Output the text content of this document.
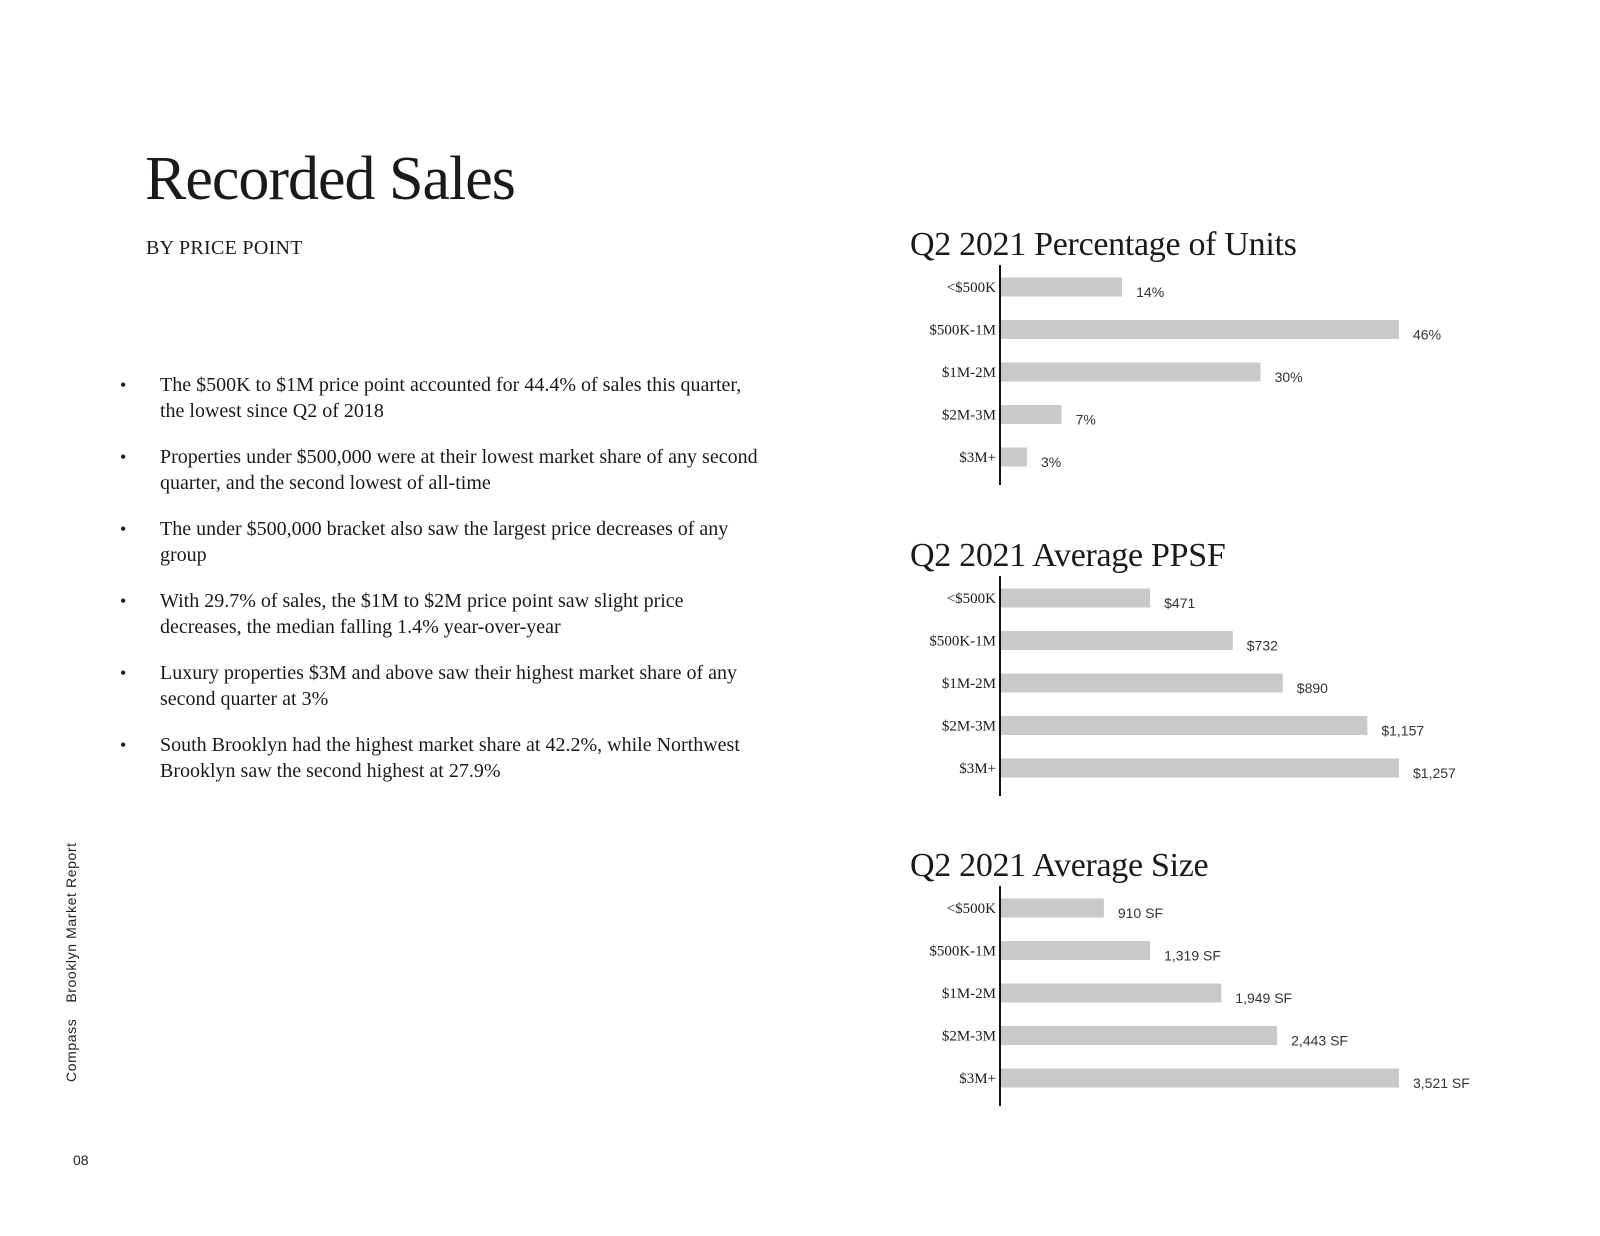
Recorded Sales
BY PRICE POINT
• The $500K to $1M price point accounted for 44.4% of sales this quarter, the lowest since Q2 of 2018
• Properties under $500,000 were at their lowest market share of any second quarter, and the second lowest of all-time
• The under $500,000 bracket also saw the largest price decreases of any group
• With 29.7% of sales, the $1M to $2M price point saw slight price decreases, the median falling 1.4% year-over-year
• Luxury properties $3M and above saw their highest market share of any second quarter at 3%
• South Brooklyn had the highest market share at 42.2%, while Northwest Brooklyn saw the second highest at 27.9%
CompassBrooklyn Market Report
08
Q2 2021 Percentage of Units
<$500K	14%
$500K-1M	46%
$1M-2M	30%
$2M-3M	7%
$3M+	3%
Q2 2021 Average PPSF
<$500K	$471
$500K-1M	$732
$1M-2M	$890
$2M-3M	$1,157
$3M+	$1,257
Q2 2021 Average Size
<$500K	910 SF
$500K-1M	1,319 SF
$1M-2M	1,949 SF
$2M-3M	2,443 SF
$3M+	3,521 SF
